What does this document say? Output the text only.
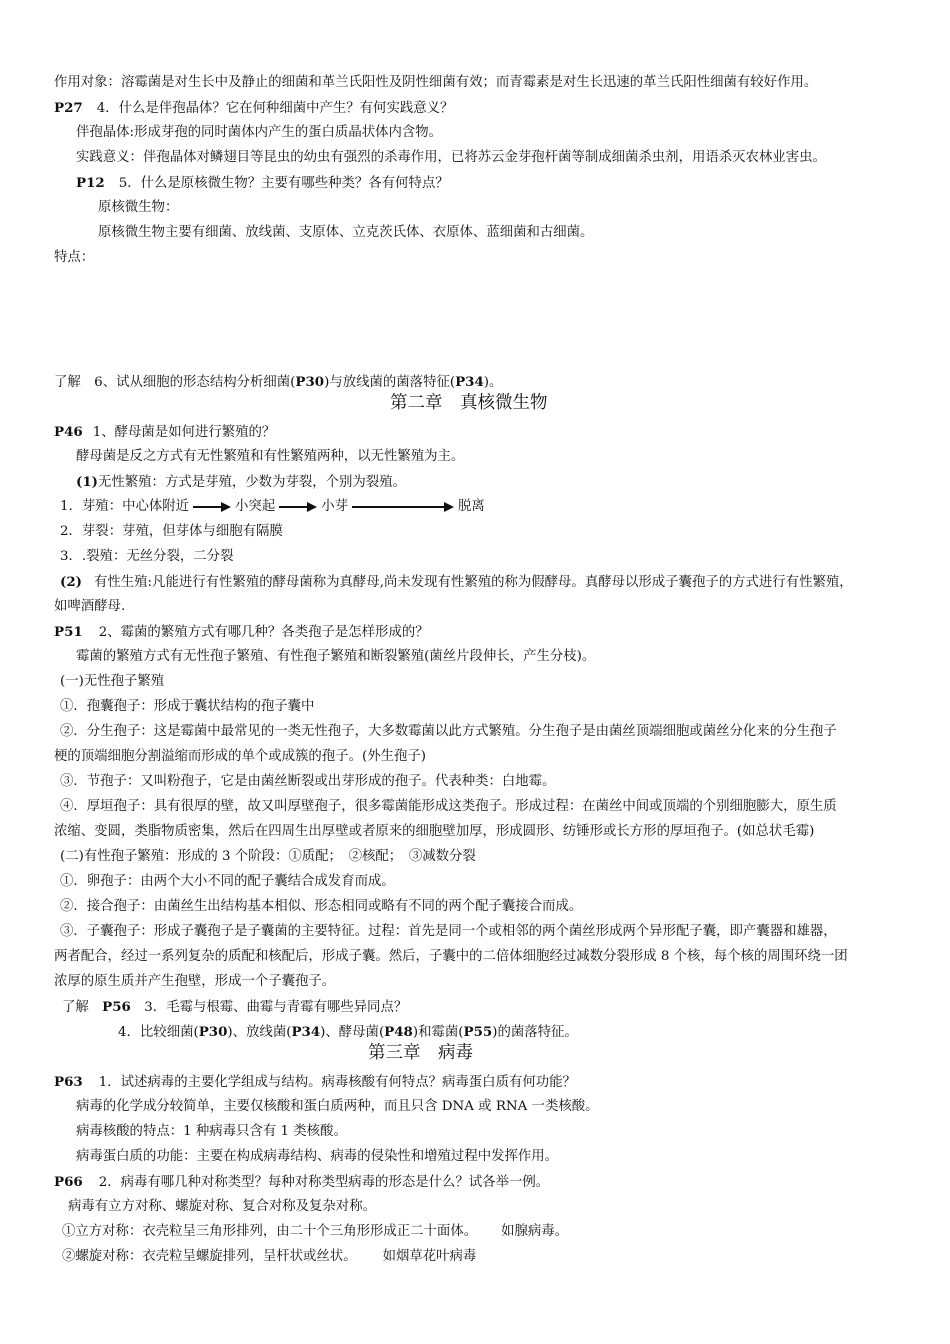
作用对象：溶霉菌是对生长中及静止的细菌和革兰氏阳性及阴性细菌有效；而青霉素是对生长迅速的革兰氏阳性细菌有较好作用。
P27 4．什么是伴孢晶体？它在何种细菌中产生？有何实践意义？
伴孢晶体:形成芽孢的同时菌体内产生的蛋白质晶状体内含物。
实践意义：伴孢晶体对鳞翅目等昆虫的幼虫有强烈的杀毒作用，已将苏云金芽孢杆菌等制成细菌杀虫剂，用语杀灭农林业害虫。
P12 5．什么是原核微生物？主要有哪些种类？各有何特点？
原核微生物：
原核微生物主要有细菌、放线菌、支原体、立克茨氏体、衣原体、蓝细菌和古细菌。
特点：
了解　6、试从细胞的形态结构分析细菌(P30)与放线菌的菌落特征(P34)。
第二章　真核微生物
P46 1、酵母菌是如何进行繁殖的？
酵母菌是反之方式有无性繁殖和有性繁殖两种，以无性繁殖为主。
(1)无性繁殖：方式是芽殖，少数为芽裂，个别为裂殖。
1．芽殖：中心体附近	小突起	小芽	脱离
2．芽裂：芽殖，但芽体与细胞有隔膜
3．.裂殖：无丝分裂，二分裂
(2) 有性生殖:凡能进行有性繁殖的酵母菌称为真酵母,尚未发现有性繁殖的称为假酵母。真酵母以形成子囊孢子的方式进行有性繁殖，
如啤酒酵母.
P51 2、霉菌的繁殖方式有哪几种？各类孢子是怎样形成的？
霉菌的繁殖方式有无性孢子繁殖、有性孢子繁殖和断裂繁殖(菌丝片段伸长，产生分枝)。
(一)无性孢子繁殖
①．孢囊孢子：形成于囊状结构的孢子囊中
②．分生孢子：这是霉菌中最常见的一类无性孢子，大多数霉菌以此方式繁殖。分生孢子是由菌丝顶端细胞或菌丝分化来的分生孢子
梗的顶端细胞分割溢缩而形成的单个或成簇的孢子。(外生孢子)
③．节孢子：又叫粉孢子，它是由菌丝断裂或出芽形成的孢子。代表种类：白地霉。
④．厚垣孢子：具有很厚的壁，故又叫厚壁孢子，很多霉菌能形成这类孢子。形成过程：在菌丝中间或顶端的个别细胞膨大，原生质
浓缩、变圆，类脂物质密集，然后在四周生出厚壁或者原来的细胞壁加厚，形成圆形、纺锤形或长方形的厚垣孢子。(如总状毛霉)
(二)有性孢子繁殖：形成的 3 个阶段：①质配；　②核配；　③减数分裂
①．卵孢子：由两个大小不同的配子囊结合成发育而成。
②．接合孢子：由菌丝生出结构基本相似、形态相同或略有不同的两个配子囊接合而成。
③．子囊孢子：形成子囊孢子是子囊菌的主要特征。过程：首先是同一个或相邻的两个菌丝形成两个异形配子囊，即产囊器和雄器，
两者配合，经过一系列复杂的质配和核配后，形成子囊。然后，子囊中的二倍体细胞经过减数分裂形成 8 个核，每个核的周围环绕一团
浓厚的原生质并产生孢壁，形成一个子囊孢子。
了解　P56　3．毛霉与根霉、曲霉与青霉有哪些异同点？
4．比较细菌(P30)、放线菌(P34)、酵母菌(P48)和霉菌(P55)的菌落特征。
第三章　病毒
P63 1．试述病毒的主要化学组成与结构。病毒核酸有何特点？病毒蛋白质有何功能？
病毒的化学成分较简单，主要仅核酸和蛋白质两种，而且只含 DNA 或 RNA 一类核酸。
病毒核酸的特点：1 种病毒只含有 1 类核酸。
病毒蛋白质的功能：主要在构成病毒结构、病毒的侵染性和增殖过程中发挥作用。
P66 2．病毒有哪几种对称类型？每种对称类型病毒的形态是什么？试各举一例。
病毒有立方对称、螺旋对称、复合对称及复杂对称。
①立方对称：衣壳粒呈三角形排列，由二十个三角形形成正二十面体。 如腺病毒。
②螺旋对称：衣壳粒呈螺旋排列，呈杆状或丝状。 如烟草花叶病毒
